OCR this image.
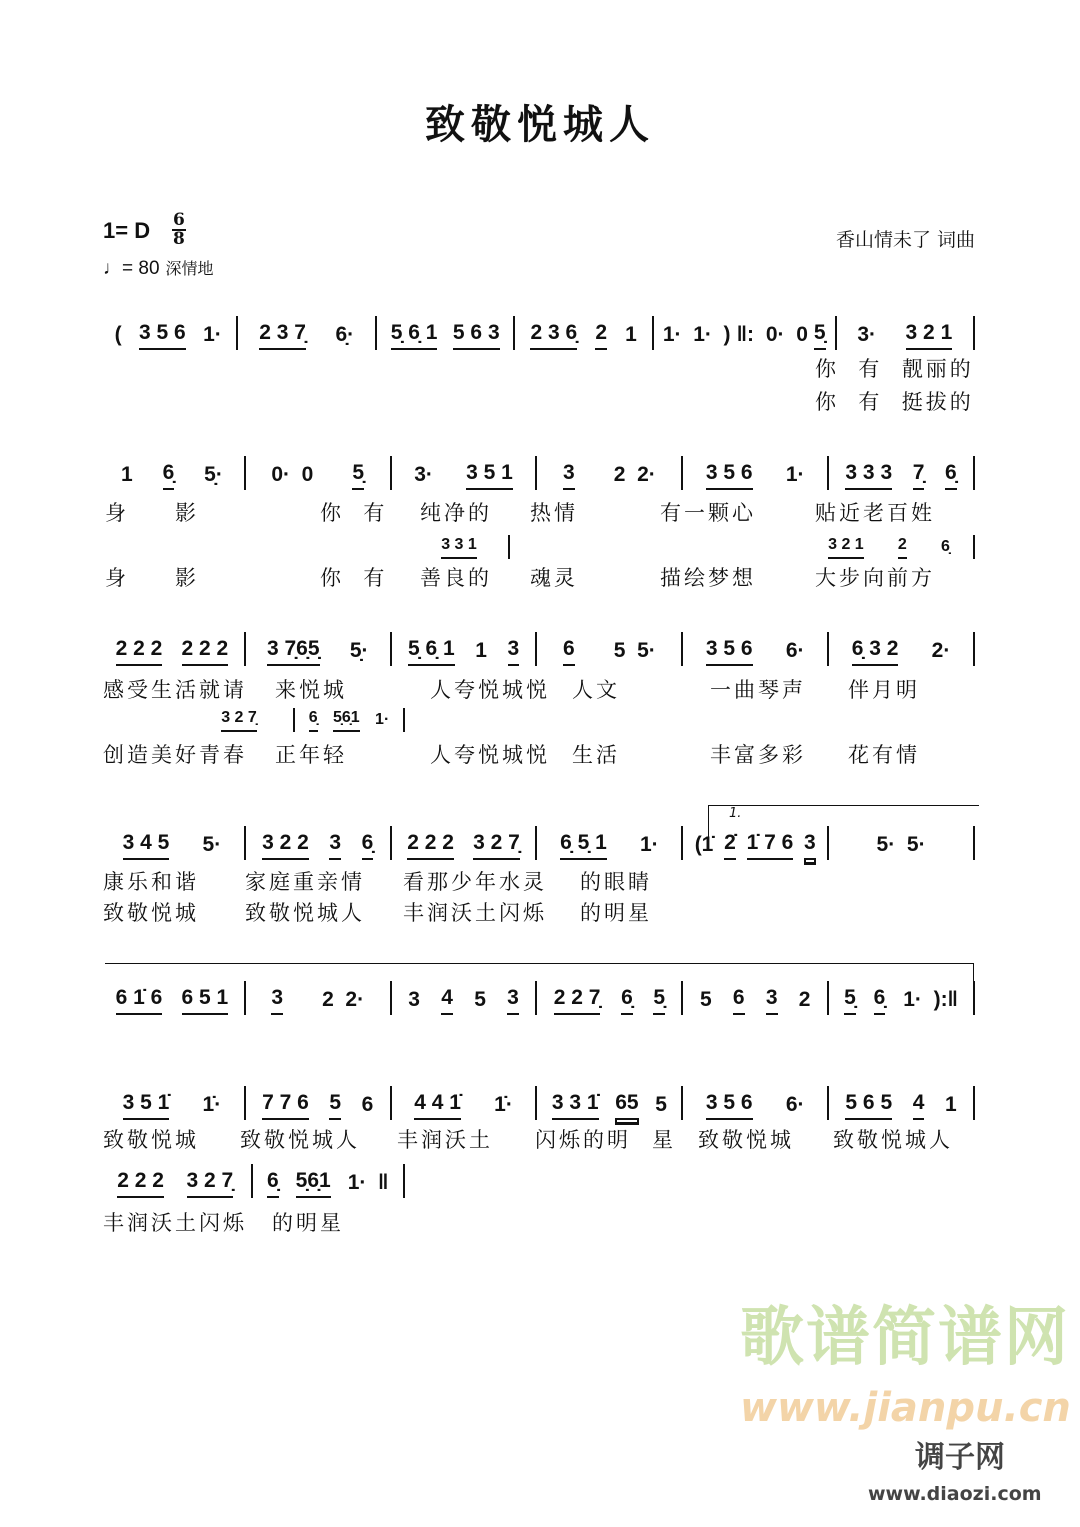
致敬悦城人
1= D $\frac{6}{8}$
♩= 80 深情地
香山情未了 词曲
1.
( 3 5 6 1· 2 3 7̣ 6̣· 5̣ 6̣ 1 5 6 3 2 3 6̣ 2 1 1·  1·  ) ‖: 0·  0 5̣ 3· 3 2 1
1 6̣ 5̣· 0·  0 5̣ 3· 3 5 1 3 2  2· 3 5 6 1· 3 3 3 7̣ 6̣
2 2 2 2 2 2 3 7̣6̣5̣ 5̣· 5̣ 6̣ 1 1 3 6 5  5· 3 5 6 6· 6̣ 3 2 2·
3 4 5 5· 3 2 2 3 6̣ 2 2 2 3 2 7̣ 6̣ 5̣ 1 1· (1̇ 2̇ 1̇ 7 6 3	5·  5·
6 1̇ 6 6 5 1 3 2  2· 3 4 5 3 2 2 7̣ 6̣ 5̣ 5 6 3 2 5̣ 6̣ 1·  ):‖
3 5 1̇ 1̇· 7 7 6 5 6 4 4 1̇ 1̇· 3 3 1̇ 65 5 3 5 6 6· 5 6 5 4 1
2 2 2 3 2 7̣ 6̣ 5̣6̣1 1·  ‖
3 3 1	3 2 1 2 6̣
3 2 7̣	6̣ 5̣6̣1 1·
你  有  靓丽的
你  有  挺拔的
身 影	你  有 纯净的 热情	有一颗心	贴近老百姓
身 影	你  有 善良的 魂灵	描绘梦想	大步向前方
感受生活就请 来悦城	人夸悦城悦 人文	一曲琴声 伴月明
创造美好青春 正年轻	人夸悦城悦 生活	丰富多彩 花有情
康乐和谐 家庭重亲情 看那少年水灵 的眼睛
致敬悦城 致敬悦城人 丰润沃土闪烁 的明星
致敬悦城 致敬悦城人 丰润沃土 闪烁的明 星 致敬悦城 致敬悦城人
丰润沃土闪烁 的明星
歌谱简谱网
www.jianpu.cn
调子网
www.diaozi.com
